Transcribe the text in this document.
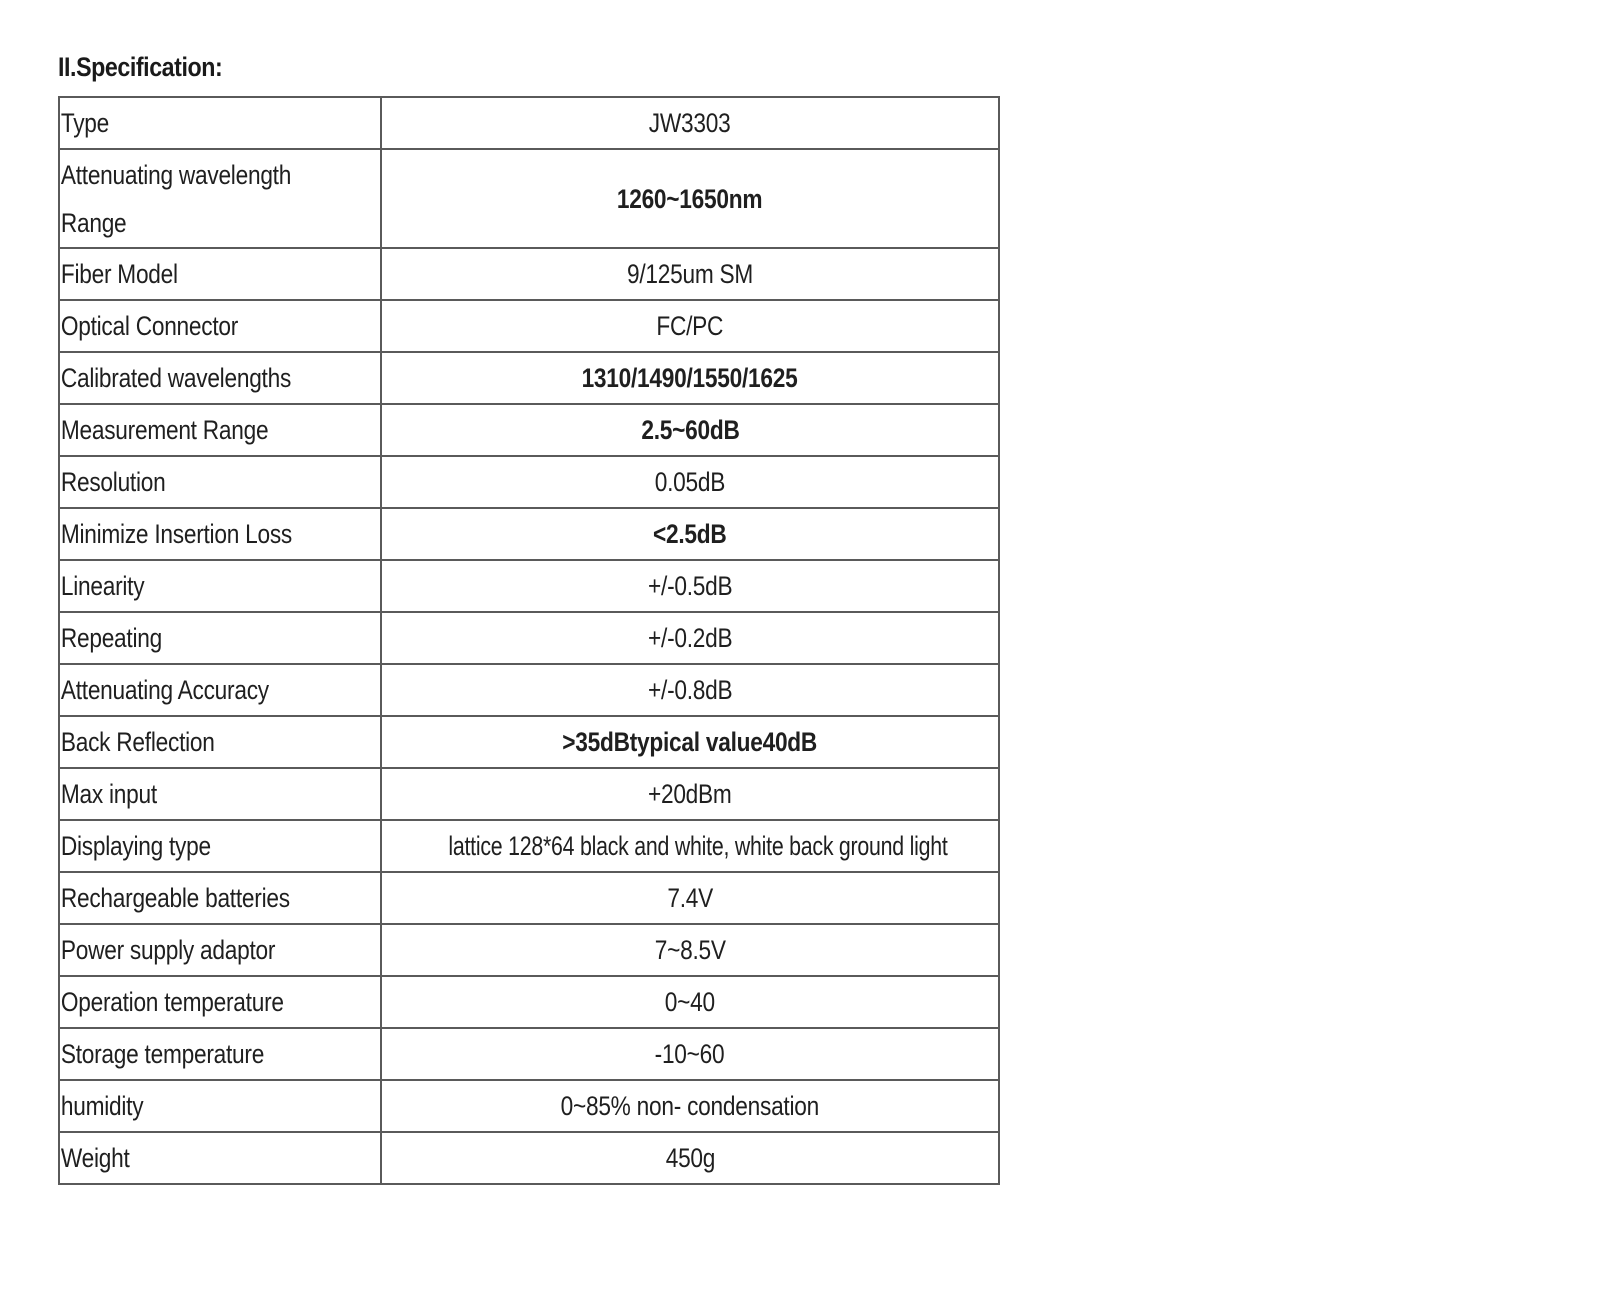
II.Specification:
Type	JW3303
Attenuating wavelength Range	1260~1650nm
Fiber Model	9/125um SM
Optical Connector	FC/PC
Calibrated wavelengths	1310/1490/1550/1625
Measurement Range	2.5~60dB
Resolution	0.05dB
Minimize Insertion Loss	<2.5dB
Linearity	+/-0.5dB
Repeating	+/-0.2dB
Attenuating Accuracy	+/-0.8dB
Back Reflection	>35dBtypical value40dB
Max input	+20dBm
Displaying type	lattice 128*64 black and white, white back ground light
Rechargeable batteries	7.4V
Power supply adaptor	7~8.5V
Operation temperature	0~40
Storage temperature	-10~60
humidity	0~85% non- condensation
Weight	450g
